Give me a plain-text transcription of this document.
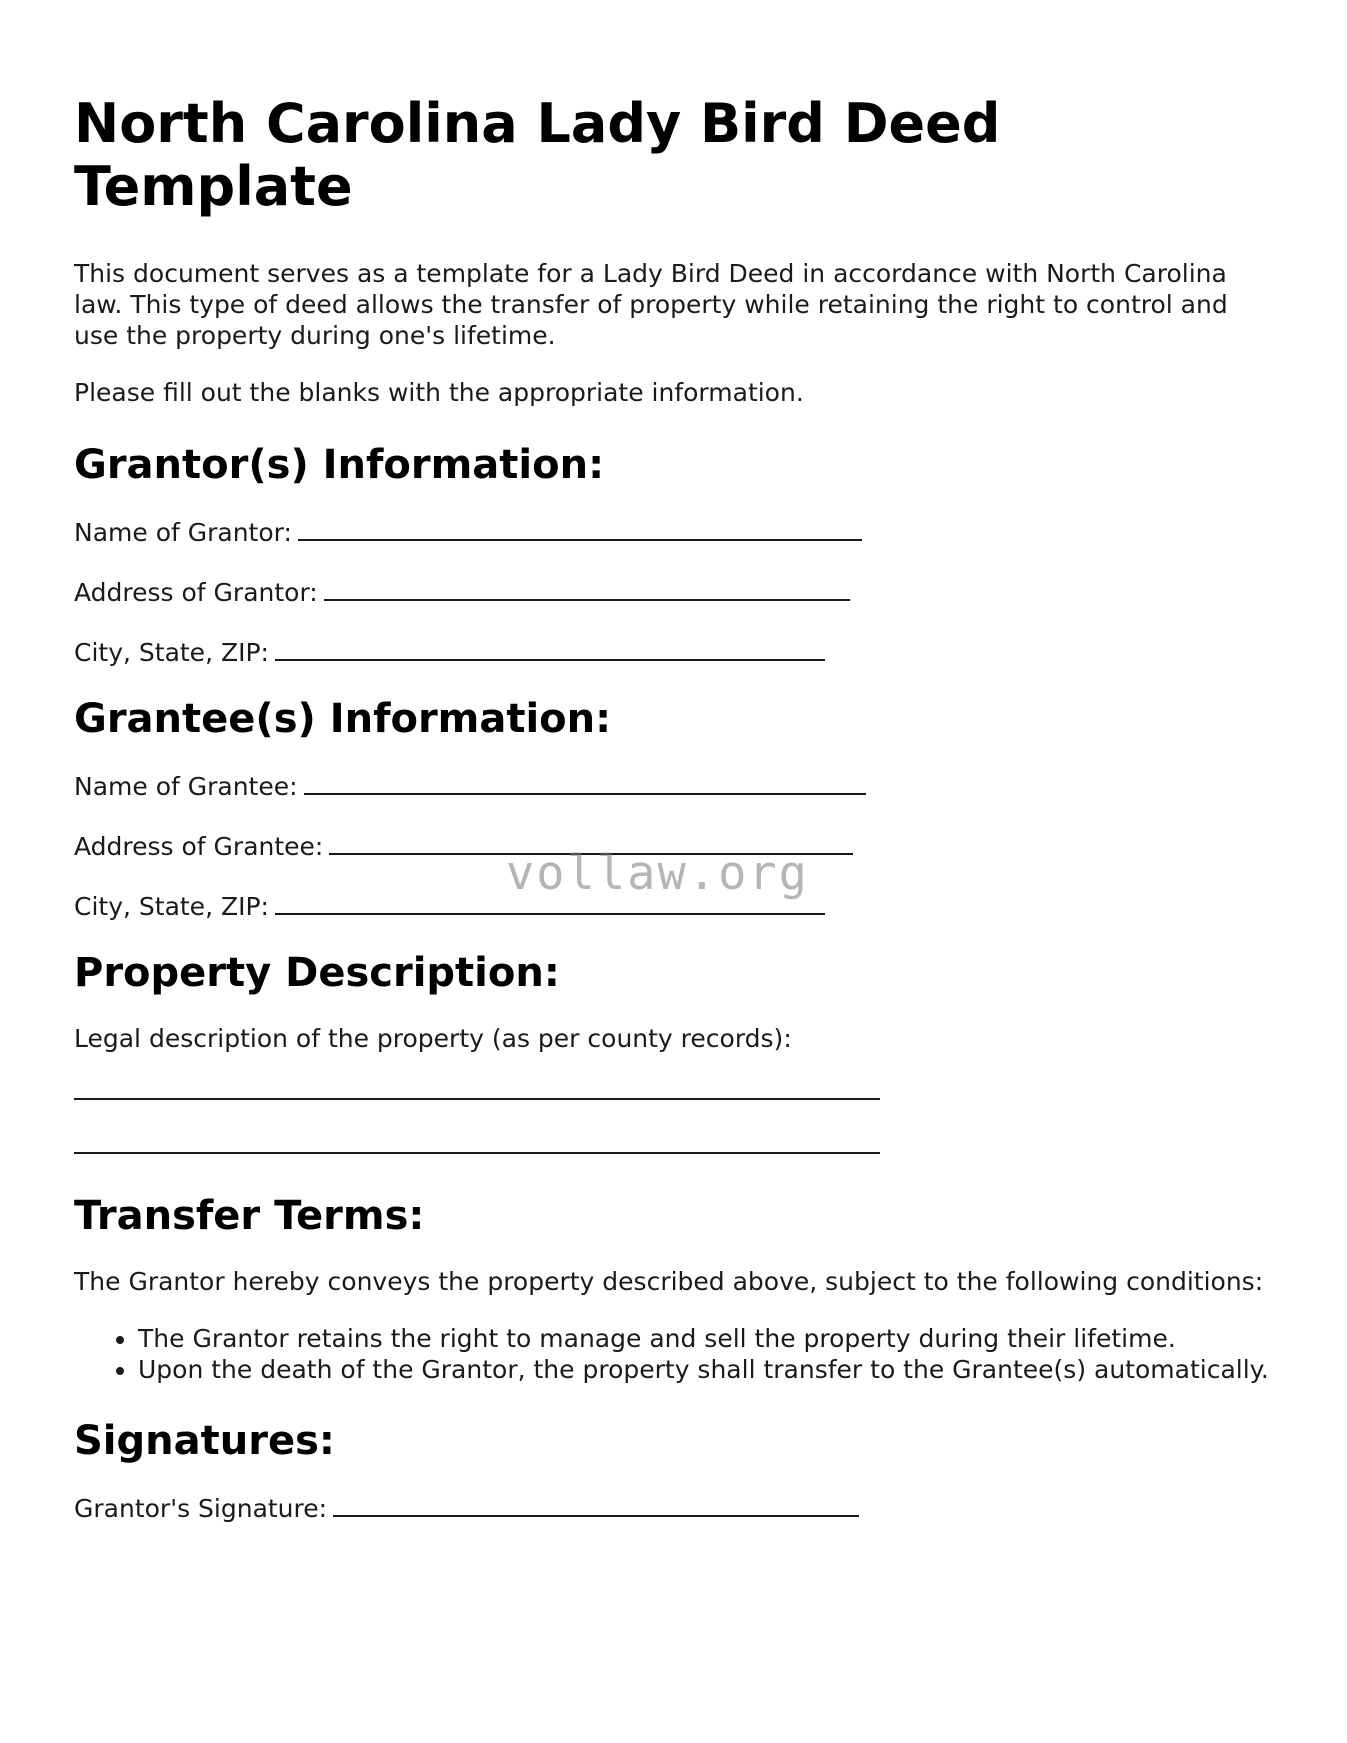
North Carolina Lady Bird Deed Template

This document serves as a template for a Lady Bird Deed in accordance with North Carolina law. This type of deed allows the transfer of property while retaining the right to control and use the property during one's lifetime.

Please fill out the blanks with the appropriate information.

Grantor(s) Information:
Name of Grantor:
Address of Grantor:
City, State, ZIP:
Grantee(s) Information:
Name of Grantee:
Address of Grantee:
City, State, ZIP:
Property Description:

Legal description of the property (as per county records):

Transfer Terms:

The Grantor hereby conveys the property described above, subject to the following conditions:

• The Grantor retains the right to manage and sell the property during their lifetime.
• Upon the death of the Grantor, the property shall transfer to the Grantee(s) automatically.
Signatures:
Grantor's Signature:
vollaw.org
